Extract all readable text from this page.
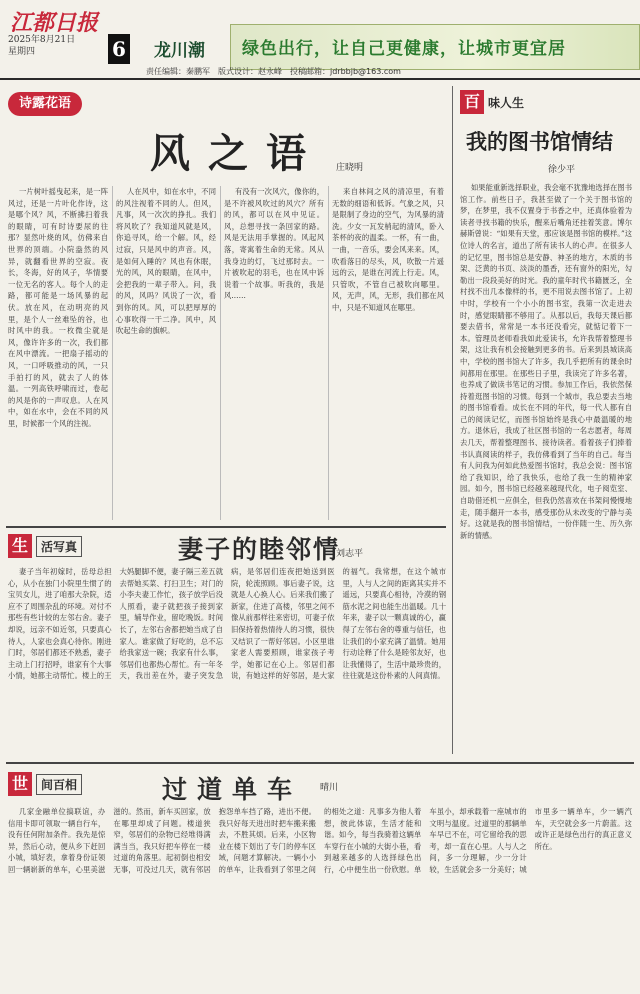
江都日报
2025年8月21日
星期四	6 龙川潮 绿色出行，让自己更健康，让城市更宜居
责任编辑：秦鹏军　版式设计：赵永峰　投稿邮箱：jdrbbjb@163.com
诗露花语
风之语 庄晓明

一片树叶摇曳起来，是一阵风过，还是一片叶化作诗，这是哪个风？风，不断拂扫着我的眼睛，可有时诗要尿的往那？显然叶烧的风，仿佛来自世界的顶端。小院盎然的风异，就翻看世界的空寂。夜长，冬海，好的风子，华情要一位无名的客人。每个人的走路，都可能是一场风暴的起伏。放在风，在动明亮的风里，是个人一丝难坠的谷，也时风中的我。一枚微尘就是风，像许许多的一次，我们都在风中漂流。一把扇子摇动的风，一口呼吸推动的风，一只手拍打的风，就去了人的体温。一列高铁呼啸而过，卷起的风是你的一声叹息。人在风中，如在水中，会在不同的风里，时候都一个风的注视。

人在风中，如在水中，不同的风注视着不同的人。但风，凡事，风一次次的挣扎。我们将风吹了？我知道风就是风，你追寻风，给一个解。风，经过寂，只是风中的声音。风，是如何入睡的？风也有休眠，光的风，风的眼睛，在风中，会把我的一辈子带入。问，我的风，风吗？风说了一次，看到你的风。风，可以把厚厚的心事吹得一干二净。风中，风吹起生命的旗帜。

有没有一次风穴，像你的，是不许被风吹过的风穴？所有的风，都可以在风中见证。风，总想寻找一条回家的路。风是无法用手掌握的。风起风落，寄寓着生命的无常。风从我身边的灯，飞过那时去。一片被吹起的羽毛，也在风中诉说着一个故事。听我的，我是风……

来自林间之风的清凉里，有着无数的细语和低诉。气象之风，只是限制了身边的空气，为风暴的清洗。少女一瓦发梢起的清风，卧入茶杯的夜的温柔。一杯，有一曲，一曲，一音乐，要会风来来。风，吹看落日的尽头，风，吹散一片遥远的云，是谁在河流上行走。风，只管吹，不管自己被吹向哪里。风，无声，风，无形，我们都在风中，只是不知道风在哪里。

百 味人生
我的图书馆情结
徐少平

如果能重新选择职业，我会毫不犹豫地选择在图书馆工作。前些日子，我甚至做了一个关于图书馆的梦，在梦里，我不仅置身于书香之中，还真体验着为读者寻找书籍的快乐，醒来后嘴角还挂着笑意。博尔赫斯曾说：“如果有天堂，那应该是图书馆的模样。”这位诗人的名言，道出了所有读书人的心声。在很多人的记忆里，图书馆总是安静、神圣的地方，木质的书架、泛黄的书页、淡淡的墨香，还有窗外的阳光，勾勒出一段段美好的时光。我的童年时代书籍匮乏，全村找不出几本像样的书，更不用说去图书馆了。上初中时，学校有一个小小的图书室，我第一次走进去时，感觉眼睛都不够用了。从那以后，我每天课后都要去借书，常常是一本书还没看完，就惦记着下一本。管理员老师看我如此爱读书，允许我帮着整理书架，这让我有机会接触到更多的书。后来到县城读高中，学校的图书馆大了许多，我几乎把所有的课余时间都用在那里。在那些日子里，我读完了许多名著，也养成了做读书笔记的习惯。参加工作后，我依然保持着逛图书馆的习惯。每到一个城市，我总要去当地的图书馆看看。成长在不同的年代，每一代人都有自己的阅读记忆，而图书馆始终是我心中最温暖的地方。退休后，我成了社区图书馆的一名志愿者，每周去几天，帮着整理图书、接待读者。看着孩子们捧着书认真阅读的样子，我仿佛看到了当年的自己。每当有人问我为何如此热爱图书馆时，我总会说：图书馆给了我知识，给了我快乐，也给了我一生的精神家园。如今，图书馆已经越来越现代化，电子阅览室、自助借还机一应俱全，但我仍然喜欢在书架间慢慢地走，随手翻开一本书，感受那份从未改变的宁静与美好。这就是我的图书馆情结，一份伴随一生、历久弥新的情感。

生	活写真	妻子的睦邻情
刘志平

妻子当年初嫁时，岳母总担心，从小在独门小院里生惯了的宝贝女儿，进了咱那大杂院，适应不了周围杂乱的环境。对付不那些有些计较的左邻右舍。妻子却说，远亲不如近邻，只要真心待人，人家也会真心待你。刚进门时，邻居们都还不熟悉，妻子主动上门打招呼，谁家有个大事小情，她都主动帮忙。楼上的王大妈腿脚不便，妻子隔三差五就去帮她买菜、打扫卫生；对门的小李夫妻工作忙，孩子放学后没人照看，妻子就把孩子接到家里，辅导作业，留吃晚饭。时间长了，左邻右舍都把她当成了自家人。谁家做了好吃的，总不忘给我家送一碗；我家有什么事，邻居们也都热心帮忙。有一年冬天，我出差在外，妻子突发急病，是邻居们连夜把她送到医院，轮流照顾。事后妻子说，这就是人心换人心。后来我们搬了新家，住进了高楼，邻里之间不像从前那样往来密切，可妻子依旧保持着热情待人的习惯，很快又结识了一帮好邻居。小区里谁家老人需要照顾，谁家孩子考学，她都记在心上。邻居们都说，有她这样的好邻居，是大家的福气。我常想，在这个城市里，人与人之间的距离其实并不遥远，只要真心相待，冷漠的钢筋水泥之间也能生出温暖。几十年来，妻子以一颗真诚的心，赢得了左邻右舍的尊重与信任，也让我们的小家充满了温情。她用行动诠释了什么是睦邻友好，也让我懂得了，生活中最珍贵的，往往就是这份朴素的人间真情。

世	间百相	过道单车 晴川

几家金融单位搞联谊，办信用卡即可领取一辆自行车，没有任何附加条件。我先是惊异，然后心动，便从乡下赶回小城，填好表，拿着身份证领回一辆崭新的单车，心里美滋滋的。然而，新车买回家，放在哪里却成了问题。楼道狭窄，邻居们的杂物已经堆得满满当当，我只好把车停在一楼过道的角落里。起初倒也相安无事，可没过几天，就有邻居抱怨单车挡了路，进出不便。我只好每天进出时把车搬来搬去，不胜其烦。后来，小区物业在楼下划出了专门的停车区域，问题才算解决。一辆小小的单车，让我看到了邻里之间的相处之道：凡事多为他人着想，彼此体谅，生活才能和谐。如今，每当我骑着这辆单车穿行在小城的大街小巷，看到越来越多的人选择绿色出行，心中便生出一份欣慰。单车虽小，却承载着一座城市的文明与温度。过道里的那辆单车早已不在，可它留给我的思考，却一直在心里。人与人之间，多一分理解，少一分计较，生活就会多一分美好；城市里多一辆单车，少一辆汽车，天空就会多一片蔚蓝。这或许正是绿色出行的真正意义所在。
